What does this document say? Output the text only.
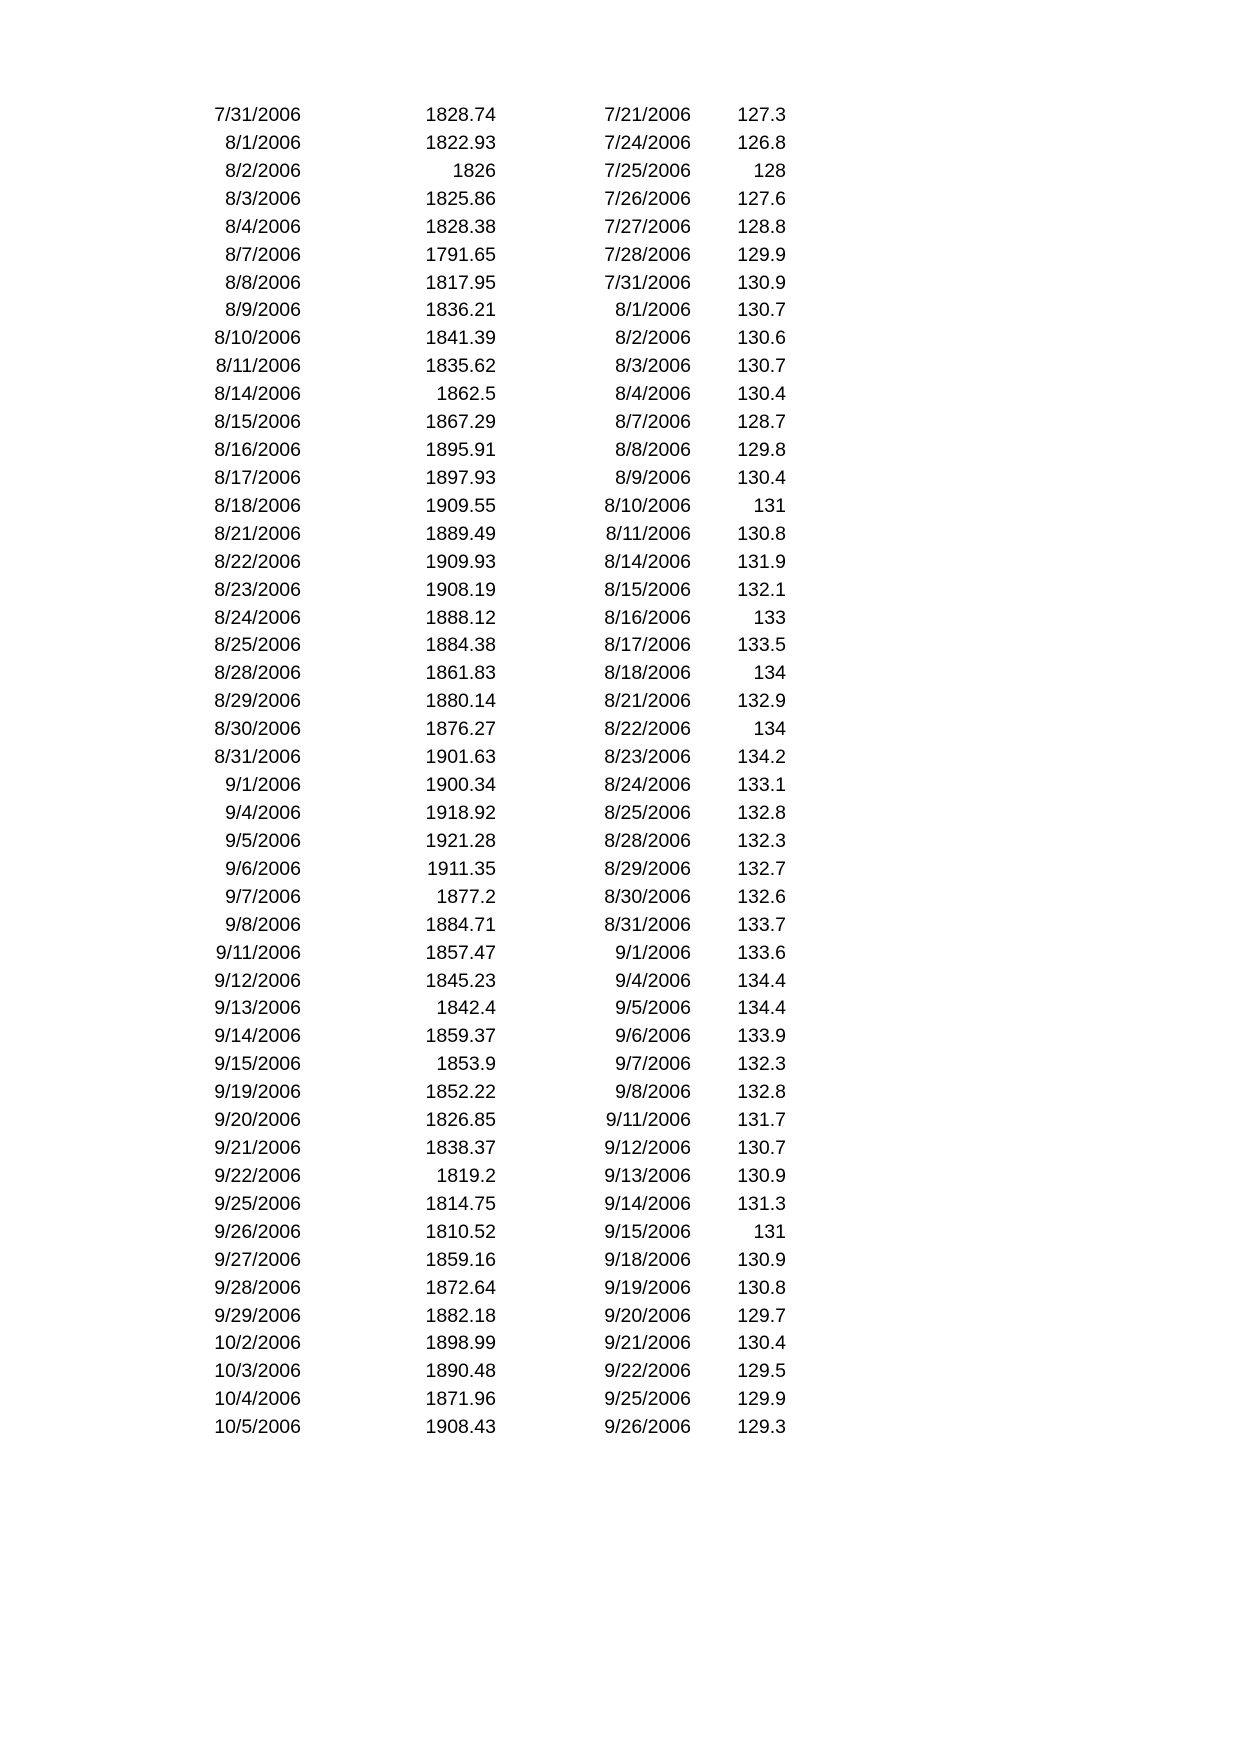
7/31/2006	1828.74	7/21/2006	127.3
8/1/2006	1822.93	7/24/2006	126.8
8/2/2006	1826	7/25/2006	128
8/3/2006	1825.86	7/26/2006	127.6
8/4/2006	1828.38	7/27/2006	128.8
8/7/2006	1791.65	7/28/2006	129.9
8/8/2006	1817.95	7/31/2006	130.9
8/9/2006	1836.21	8/1/2006	130.7
8/10/2006	1841.39	8/2/2006	130.6
8/11/2006	1835.62	8/3/2006	130.7
8/14/2006	1862.5	8/4/2006	130.4
8/15/2006	1867.29	8/7/2006	128.7
8/16/2006	1895.91	8/8/2006	129.8
8/17/2006	1897.93	8/9/2006	130.4
8/18/2006	1909.55	8/10/2006	131
8/21/2006	1889.49	8/11/2006	130.8
8/22/2006	1909.93	8/14/2006	131.9
8/23/2006	1908.19	8/15/2006	132.1
8/24/2006	1888.12	8/16/2006	133
8/25/2006	1884.38	8/17/2006	133.5
8/28/2006	1861.83	8/18/2006	134
8/29/2006	1880.14	8/21/2006	132.9
8/30/2006	1876.27	8/22/2006	134
8/31/2006	1901.63	8/23/2006	134.2
9/1/2006	1900.34	8/24/2006	133.1
9/4/2006	1918.92	8/25/2006	132.8
9/5/2006	1921.28	8/28/2006	132.3
9/6/2006	1911.35	8/29/2006	132.7
9/7/2006	1877.2	8/30/2006	132.6
9/8/2006	1884.71	8/31/2006	133.7
9/11/2006	1857.47	9/1/2006	133.6
9/12/2006	1845.23	9/4/2006	134.4
9/13/2006	1842.4	9/5/2006	134.4
9/14/2006	1859.37	9/6/2006	133.9
9/15/2006	1853.9	9/7/2006	132.3
9/19/2006	1852.22	9/8/2006	132.8
9/20/2006	1826.85	9/11/2006	131.7
9/21/2006	1838.37	9/12/2006	130.7
9/22/2006	1819.2	9/13/2006	130.9
9/25/2006	1814.75	9/14/2006	131.3
9/26/2006	1810.52	9/15/2006	131
9/27/2006	1859.16	9/18/2006	130.9
9/28/2006	1872.64	9/19/2006	130.8
9/29/2006	1882.18	9/20/2006	129.7
10/2/2006	1898.99	9/21/2006	130.4
10/3/2006	1890.48	9/22/2006	129.5
10/4/2006	1871.96	9/25/2006	129.9
10/5/2006	1908.43	9/26/2006	129.3
